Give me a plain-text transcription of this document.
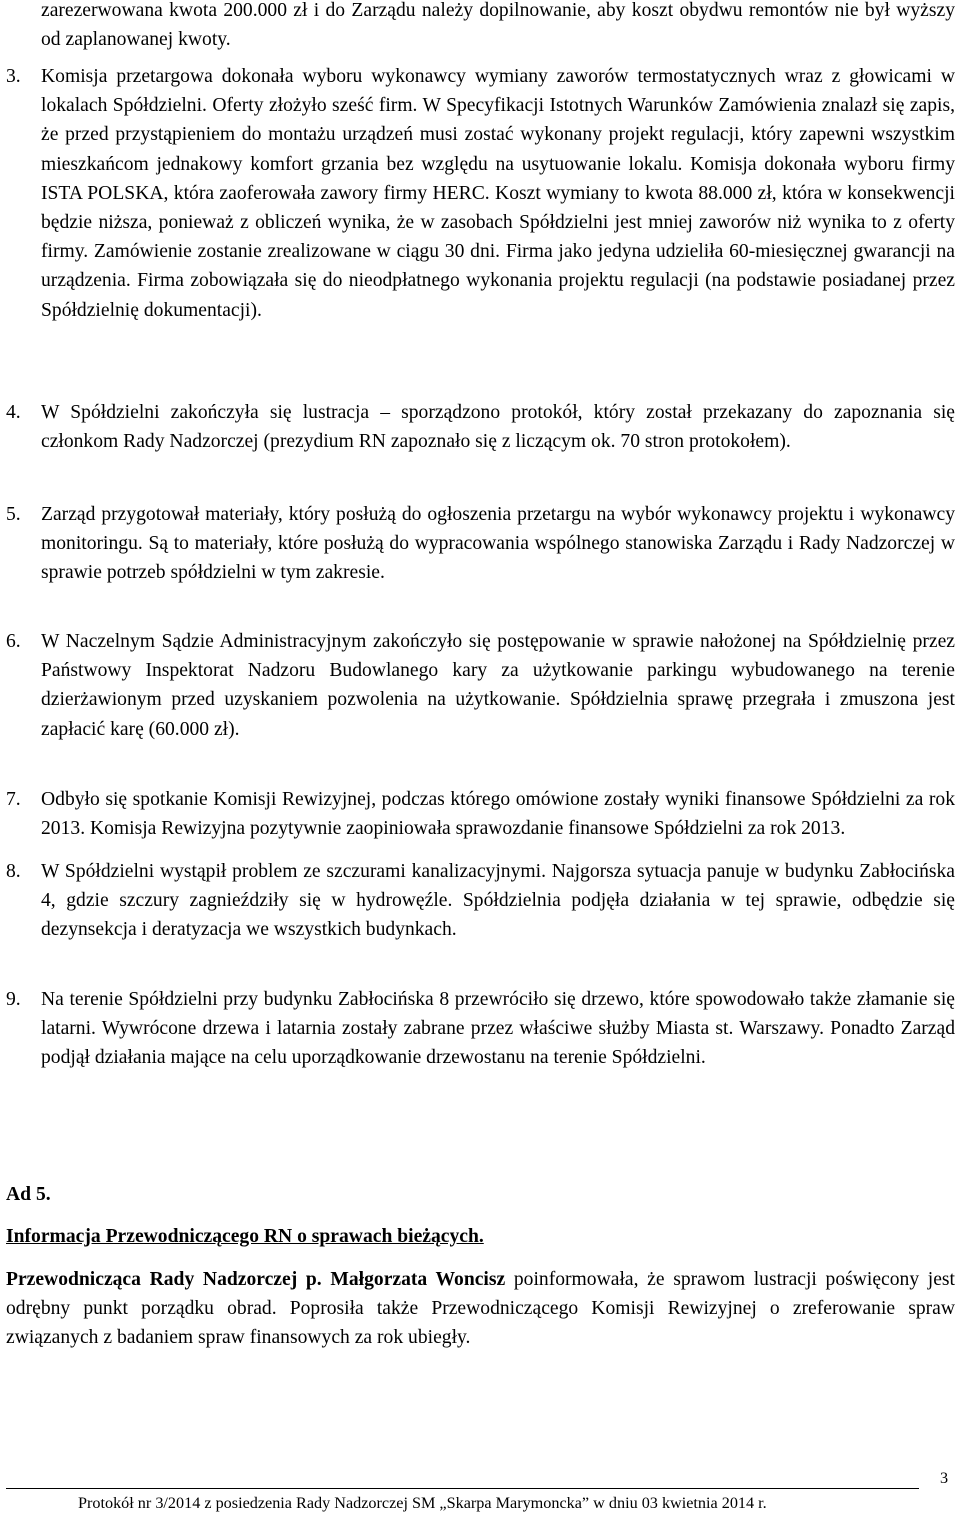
zarezerwowana kwota 200.000 zł i do Zarządu należy dopilnowanie, aby koszt obydwu remontów nie był wyższy od zaplanowanej kwoty.
3. Komisja przetargowa dokonała wyboru wykonawcy wymiany zaworów termostatycznych wraz z głowicami w lokalach Spółdzielni. Oferty złożyło sześć firm. W Specyfikacji Istotnych Warunków Zamówienia znalazł się zapis, że przed przystąpieniem do montażu urządzeń musi zostać wykonany projekt regulacji, który zapewni wszystkim mieszkańcom jednakowy komfort grzania bez względu na usytuowanie lokalu. Komisja dokonała wyboru firmy ISTA POLSKA, która zaoferowała zawory firmy HERC. Koszt wymiany to kwota 88.000 zł, która w konsekwencji będzie niższa, ponieważ z obliczeń wynika, że w zasobach Spółdzielni jest mniej zaworów niż wynika to z oferty firmy. Zamówienie zostanie zrealizowane w ciągu 30 dni. Firma jako jedyna udzieliła 60-miesięcznej gwarancji na urządzenia. Firma zobowiązała się do nieodpłatnego wykonania projektu regulacji (na podstawie posiadanej przez Spółdzielnię dokumentacji).
4. W Spółdzielni zakończyła się lustracja – sporządzono protokół, który został przekazany do zapoznania się członkom Rady Nadzorczej (prezydium RN zapoznało się z liczącym ok. 70 stron protokołem).
5. Zarząd przygotował materiały, który posłużą do ogłoszenia przetargu na wybór wykonawcy projektu i wykonawcy monitoringu. Są to materiały, które posłużą do wypracowania wspólnego stanowiska Zarządu i Rady Nadzorczej w sprawie potrzeb spółdzielni w tym zakresie.
6. W Naczelnym Sądzie Administracyjnym zakończyło się postępowanie w sprawie nałożonej na Spółdzielnię przez Państwowy Inspektorat Nadzoru Budowlanego kary za użytkowanie parkingu wybudowanego na terenie dzierżawionym przed uzyskaniem pozwolenia na użytkowanie. Spółdzielnia sprawę przegrała i zmuszona jest zapłacić karę (60.000 zł).
7. Odbyło się spotkanie Komisji Rewizyjnej, podczas którego omówione zostały wyniki finansowe Spółdzielni za rok 2013. Komisja Rewizyjna pozytywnie zaopiniowała sprawozdanie finansowe Spółdzielni za rok 2013.
8. W Spółdzielni wystąpił problem ze szczurami kanalizacyjnymi. Najgorsza sytuacja panuje w budynku Zabłocińska 4, gdzie szczury zagnieździły się w hydrowęźle. Spółdzielnia podjęła działania w tej sprawie, odbędzie się dezynsekcja i deratyzacja we wszystkich budynkach.
9. Na terenie Spółdzielni przy budynku Zabłocińska 8 przewróciło się drzewo, które spowodowało także złamanie się latarni. Wywrócone drzewa i latarnia zostały zabrane przez właściwe służby Miasta st. Warszawy. Ponadto Zarząd podjął działania mające na celu uporządkowanie drzewostanu na terenie Spółdzielni.
Ad 5.
Informacja Przewodniczącego RN o sprawach bieżących.
Przewodnicząca Rady Nadzorczej p. Małgorzata Woncisz poinformowała, że sprawom lustracji poświęcony jest odrębny punkt porządku obrad. Poprosiła także Przewodniczącego Komisji Rewizyjnej o zreferowanie spraw związanych z badaniem spraw finansowych za rok ubiegły.
3
Protokół nr 3/2014 z posiedzenia Rady Nadzorczej SM „Skarpa Marymoncka” w dniu 03 kwietnia 2014 r.
